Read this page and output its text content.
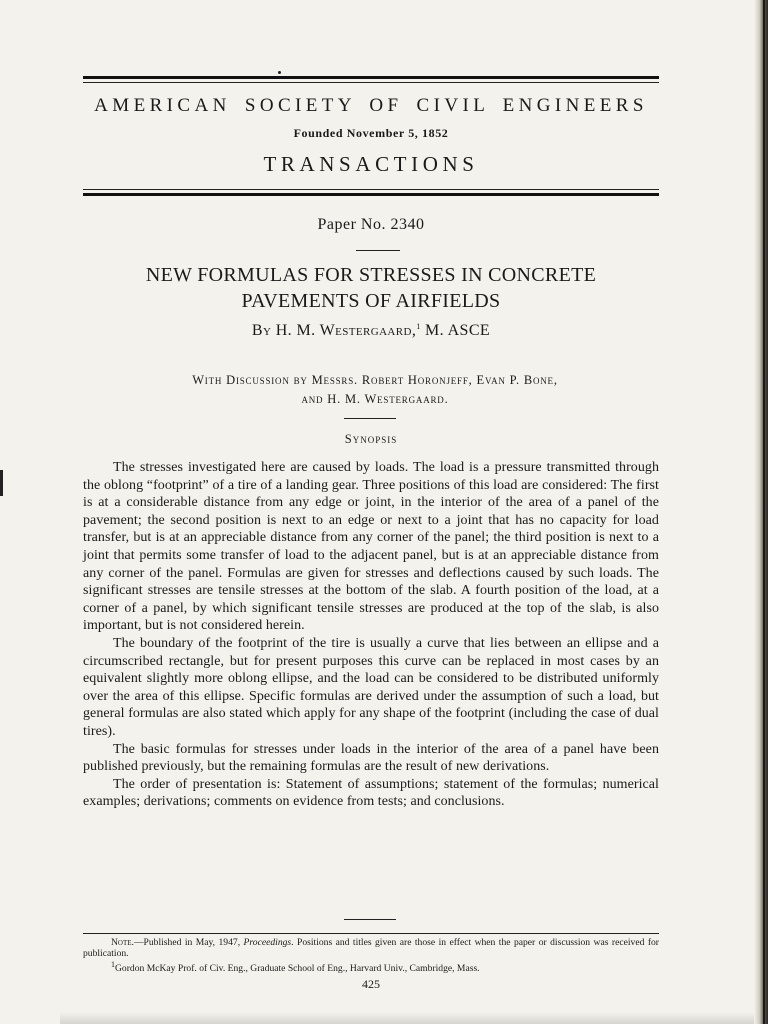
AMERICAN SOCIETY OF CIVIL ENGINEERS
Founded November 5, 1852
TRANSACTIONS
Paper No. 2340
NEW FORMULAS FOR STRESSES IN CONCRETE
PAVEMENTS OF AIRFIELDS
By H. M. Westergaard,$^1$ M. ASCE
With Discussion by Messrs. Robert Horonjeff, Evan P. Bone,
and H. M. Westergaard.
Synopsis

The stresses investigated here are caused by loads. The load is a pressure transmitted through the oblong “footprint” of a tire of a landing gear. Three positions of this load are considered: The first is at a considerable distance from any edge or joint, in the interior of the area of a panel of the pavement; the second position is next to an edge or next to a joint that has no capacity for load transfer, but is at an appreciable distance from any corner of the panel; the third position is next to a joint that permits some transfer of load to the adjacent panel, but is at an appreciable distance from any corner of the panel. Formulas are given for stresses and deflections caused by such loads. The significant stresses are tensile stresses at the bottom of the slab. A fourth position of the load, at a corner of a panel, by which significant tensile stresses are produced at the top of the slab, is also important, but is not considered herein.

The boundary of the footprint of the tire is usually a curve that lies between an ellipse and a circumscribed rectangle, but for present purposes this curve can be replaced in most cases by an equivalent slightly more oblong ellipse, and the load can be considered to be distributed uniformly over the area of this ellipse. Specific formulas are derived under the assumption of such a load, but general formulas are also stated which apply for any shape of the footprint (including the case of dual tires).

The basic formulas for stresses under loads in the interior of the area of a panel have been published previously, but the remaining formulas are the result of new derivations.

The order of presentation is: Statement of assumptions; statement of the formulas; numerical examples; derivations; comments on evidence from tests; and conclusions.

Note.—Published in May, 1947, Proceedings. Positions and titles given are those in effect when the paper or discussion was received for publication.

$^1$Gordon McKay Prof. of Civ. Eng., Graduate School of Eng., Harvard Univ., Cambridge, Mass.

425
